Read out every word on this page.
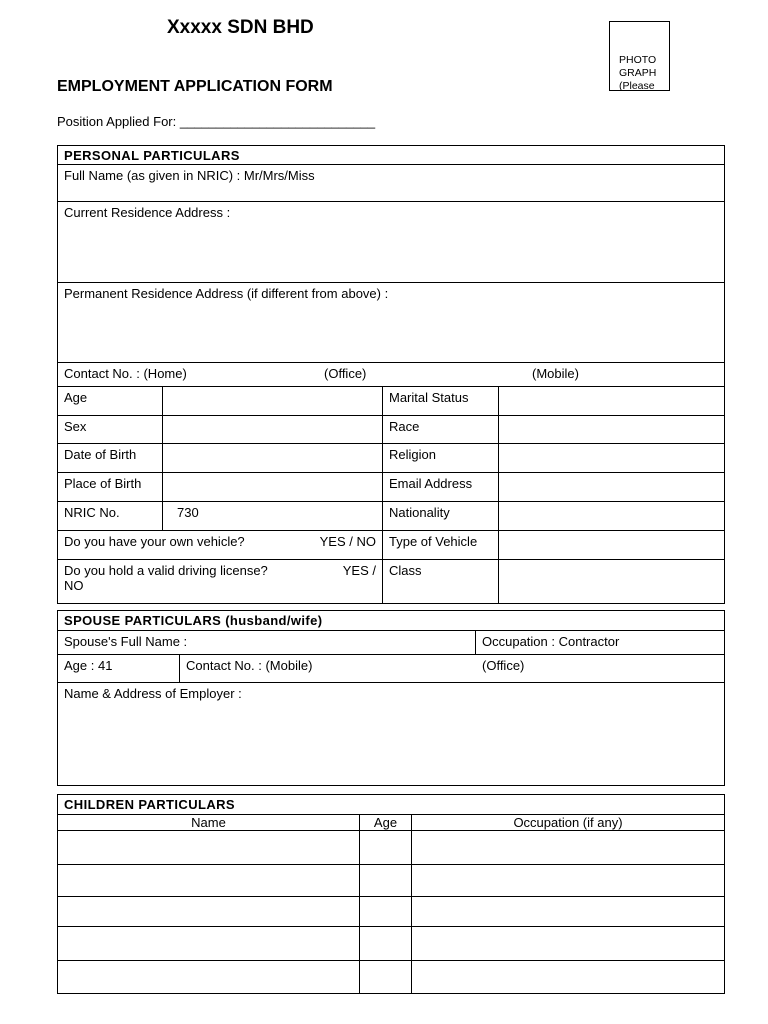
Xxxxx SDN BHD
EMPLOYMENT APPLICATION FORM
Position Applied For: ___________________________
PHOTO GRAPH (Please
PERSONAL PARTICULARS			
Full Name (as given in NRIC) : Mr/Mrs/Miss			
Current Residence Address :			
Permanent Residence Address (if different from above) :			
Contact No. : (Home) (Office) (Mobile)			

Age		Marital Status	
Sex		Race	
Date of Birth		Religion	
Place of Birth		Email Address	
NRIC No.	730	Nationality	

Do you have your own vehicle? YES / NO		Type of Vehicle	

Do you hold a valid driving license? YES /
NO		Class	
SPOUSE PARTICULARS (husband/wife)		
Spouse's Full Name :		Occupation : Contractor
Age : 41	Contact No. : (Mobile) (Office)	

Name & Address of Employer :		
CHILDREN PARTICULARS		
Name	Age	Occupation (if any)
